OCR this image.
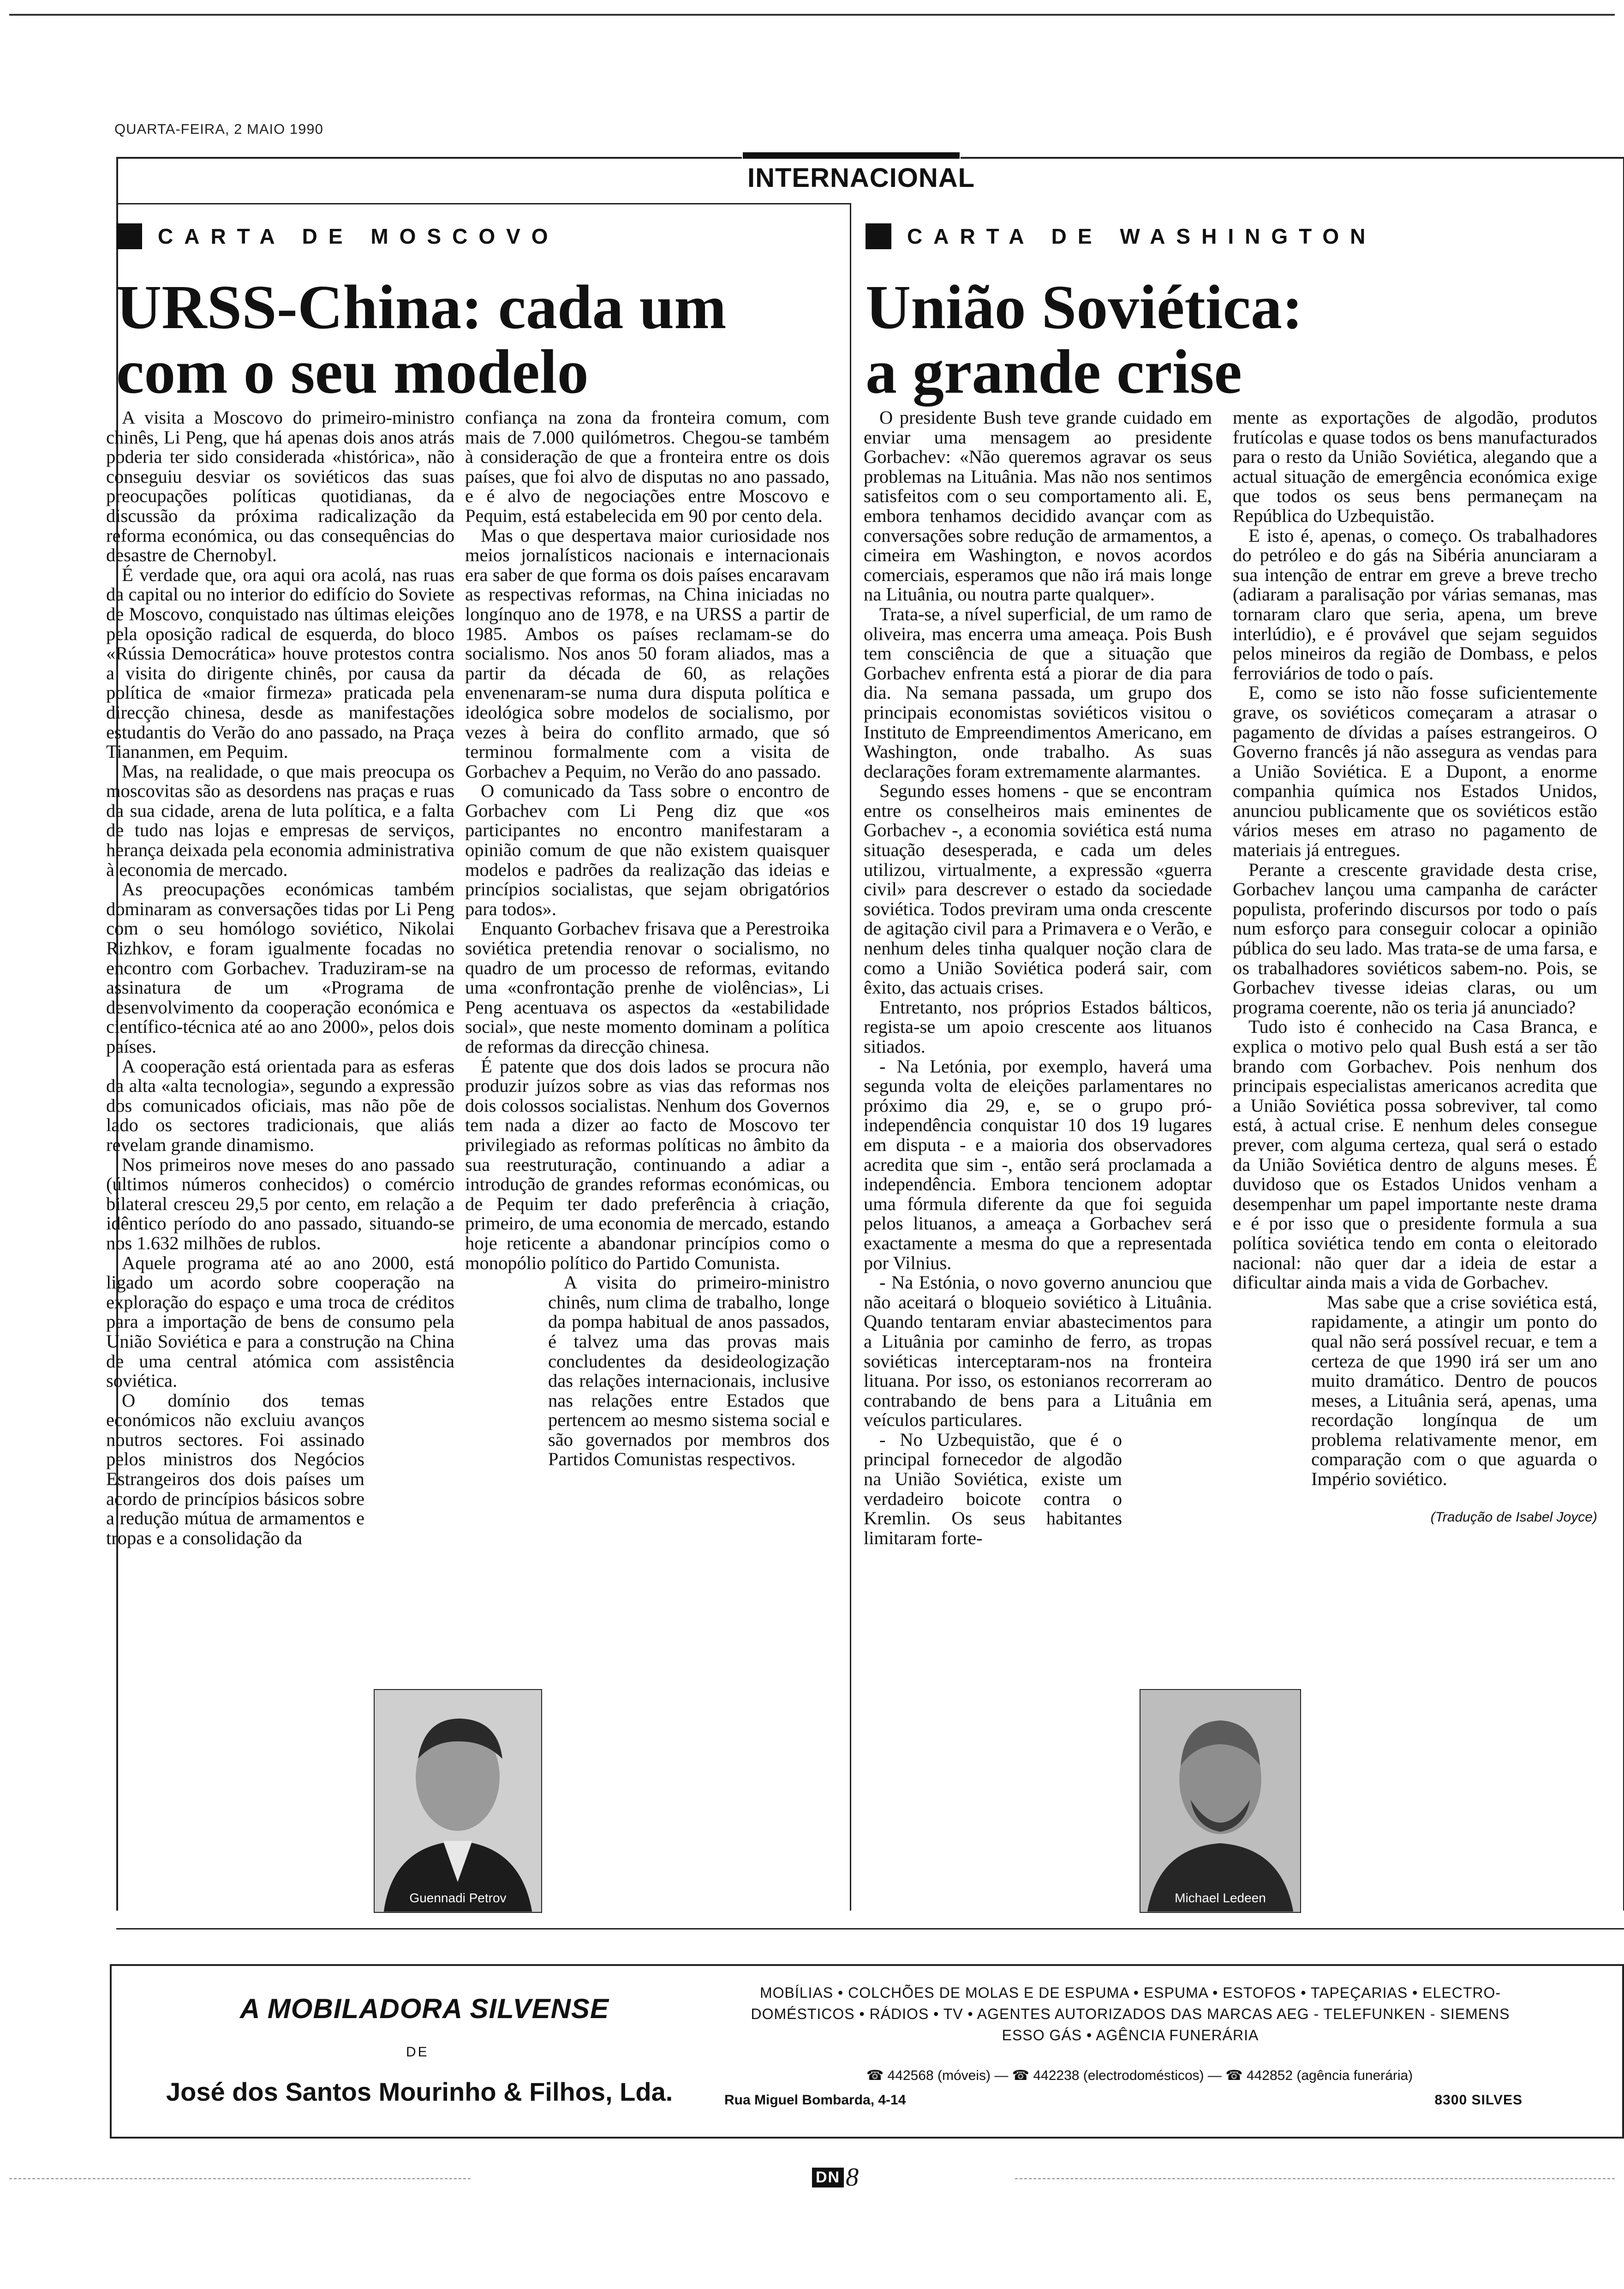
QUARTA-FEIRA, 2 MAIO 1990
INTERNACIONAL
CARTA DE MOSCOVO
URSS-China: cada um
com o seu modelo

A visita a Moscovo do primeiro-ministro chinês, Li Peng, que há apenas dois anos atrás poderia ter sido considerada «histórica», não conseguiu desviar os soviéticos das suas preocupações políticas quotidianas, da discussão da próxima radicalização da reforma económica, ou das consequências do desastre de Chernobyl.

É verdade que, ora aqui ora acolá, nas ruas da capital ou no interior do edifício do Soviete de Moscovo, conquistado nas últimas eleições pela oposição radical de esquerda, do bloco «Rússia Democrática» houve protestos contra a visita do dirigente chinês, por causa da política de «maior firmeza» praticada pela direcção chinesa, desde as manifestações estudantis do Verão do ano passado, na Praça Tiananmen, em Pequim.

Mas, na realidade, o que mais preocupa os moscovitas são as desordens nas praças e ruas da sua cidade, arena de luta política, e a falta de tudo nas lojas e empresas de serviços, herança deixada pela economia administrativa à economia de mercado.

As preocupações económicas também dominaram as conversações tidas por Li Peng com o seu homólogo soviético, Nikolai Rizhkov, e foram igualmente focadas no encontro com Gorbachev. Traduziram-se na assinatura de um «Programa de desenvolvimento da cooperação económica e científico-técnica até ao ano 2000», pelos dois países.

A cooperação está orientada para as esferas da alta «alta tecnologia», segundo a expressão dos comunicados oficiais, mas não põe de lado os sectores tradicionais, que aliás revelam grande dinamismo.

Nos primeiros nove meses do ano passado (últimos números conhecidos) o comércio bilateral cresceu 29,5 por cento, em relação a idêntico período do ano passado, situando-se nos 1.632 milhões de rublos.

Aquele programa até ao ano 2000, está ligado um acordo sobre cooperação na exploração do espaço e uma troca de créditos para a importação de bens de consumo pela União Soviética e para a construção na China de uma central atómica com assistência soviética.

O domínio dos temas económicos não excluiu avanços noutros sectores. Foi assinado pelos ministros dos Negócios Estrangeiros dos dois países um acordo de princípios básicos sobre a redução mútua de armamentos e tropas e a consolidação da

confiança na zona da fronteira comum, com mais de 7.000 quilómetros. Chegou-se também à consideração de que a fronteira entre os dois países, que foi alvo de disputas no ano passado, e é alvo de negociações entre Moscovo e Pequim, está estabelecida em 90 por cento dela.

Mas o que despertava maior curiosidade nos meios jornalísticos nacionais e internacionais era saber de que forma os dois países encaravam as respectivas reformas, na China iniciadas no longínquo ano de 1978, e na URSS a partir de 1985. Ambos os países reclamam-se do socialismo. Nos anos 50 foram aliados, mas a partir da década de 60, as relações envenenaram-se numa dura disputa política e ideológica sobre modelos de socialismo, por vezes à beira do conflito armado, que só terminou formalmente com a visita de Gorbachev a Pequim, no Verão do ano passado.

O comunicado da Tass sobre o encontro de Gorbachev com Li Peng diz que «os participantes no encontro manifestaram a opinião comum de que não existem quaisquer modelos e padrões da realização das ideias e princípios socialistas, que sejam obrigatórios para todos».

Enquanto Gorbachev frisava que a Perestroika soviética pretendia renovar o socialismo, no quadro de um processo de reformas, evitando uma «confrontação prenhe de violências», Li Peng acentuava os aspectos da «estabilidade social», que neste momento dominam a política de reformas da direcção chinesa.

É patente que dos dois lados se procura não produzir juízos sobre as vias das reformas nos dois colossos socialistas. Nenhum dos Governos tem nada a dizer ao facto de Moscovo ter privilegiado as reformas políticas no âmbito da sua reestruturação, continuando a adiar a introdução de grandes reformas económicas, ou de Pequim ter dado preferência à criação, primeiro, de uma economia de mercado, estando hoje reticente a abandonar princípios como o monopólio político do Partido Comunista.

A visita do primeiro-ministro chinês, num clima de trabalho, longe da pompa habitual de anos passados, é talvez uma das provas mais concludentes da desideologização das relações internacionais, inclusive nas relações entre Estados que pertencem ao mesmo sistema social e são governados por membros dos Partidos Comunistas respectivos.

Guennadi Petrov
CARTA DE WASHINGTON
União Soviética:
a grande crise

O presidente Bush teve grande cuidado em enviar uma mensagem ao presidente Gorbachev: «Não queremos agravar os seus problemas na Lituânia. Mas não nos sentimos satisfeitos com o seu comportamento ali. E, embora tenhamos decidido avançar com as conversações sobre redução de armamentos, a cimeira em Washington, e novos acordos comerciais, esperamos que não irá mais longe na Lituânia, ou noutra parte qualquer».

Trata-se, a nível superficial, de um ramo de oliveira, mas encerra uma ameaça. Pois Bush tem consciência de que a situação que Gorbachev enfrenta está a piorar de dia para dia. Na semana passada, um grupo dos principais economistas soviéticos visitou o Instituto de Empreendimentos Americano, em Washington, onde trabalho. As suas declarações foram extremamente alarmantes.

Segundo esses homens - que se encontram entre os conselheiros mais eminentes de Gorbachev -, a economia soviética está numa situação desesperada, e cada um deles utilizou, virtualmente, a expressão «guerra civil» para descrever o estado da sociedade soviética. Todos previram uma onda crescente de agitação civil para a Primavera e o Verão, e nenhum deles tinha qualquer noção clara de como a União Soviética poderá sair, com êxito, das actuais crises.

Entretanto, nos próprios Estados bálticos, regista-se um apoio crescente aos lituanos sitiados.

- Na Letónia, por exemplo, haverá uma segunda volta de eleições parlamentares no próximo dia 29, e, se o grupo pró-independência conquistar 10 dos 19 lugares em disputa - e a maioria dos observadores acredita que sim -, então será proclamada a independência. Embora tencionem adoptar uma fórmula diferente da que foi seguida pelos lituanos, a ameaça a Gorbachev será exactamente a mesma do que a representada por Vilnius.

- Na Estónia, o novo governo anunciou que não aceitará o bloqueio soviético à Lituânia. Quando tentaram enviar abastecimentos para a Lituânia por caminho de ferro, as tropas soviéticas interceptaram-nos na fronteira lituana. Por isso, os estonianos recorreram ao contrabando de bens para a Lituânia em veículos particulares.

- No Uzbequistão, que é o principal fornecedor de algodão na União Soviética, existe um verdadeiro boicote contra o Kremlin. Os seus habitantes limitaram forte-

mente as exportações de algodão, produtos frutícolas e quase todos os bens manufacturados para o resto da União Soviética, alegando que a actual situação de emergência económica exige que todos os seus bens permaneçam na República do Uzbequistão.

E isto é, apenas, o começo. Os trabalhadores do petróleo e do gás na Sibéria anunciaram a sua intenção de entrar em greve a breve trecho (adiaram a paralisação por várias semanas, mas tornaram claro que seria, apena, um breve interlúdio), e é provável que sejam seguidos pelos mineiros da região de Dombass, e pelos ferroviários de todo o país.

E, como se isto não fosse suficientemente grave, os soviéticos começaram a atrasar o pagamento de dívidas a países estrangeiros. O Governo francês já não assegura as vendas para a União Soviética. E a Dupont, a enorme companhia química nos Estados Unidos, anunciou publicamente que os soviéticos estão vários meses em atraso no pagamento de materiais já entregues.

Perante a crescente gravidade desta crise, Gorbachev lançou uma campanha de carácter populista, proferindo discursos por todo o país num esforço para conseguir colocar a opinião pública do seu lado. Mas trata-se de uma farsa, e os trabalhadores soviéticos sabem-no. Pois, se Gorbachev tivesse ideias claras, ou um programa coerente, não os teria já anunciado?

Tudo isto é conhecido na Casa Branca, e explica o motivo pelo qual Bush está a ser tão brando com Gorbachev. Pois nenhum dos principais especialistas americanos acredita que a União Soviética possa sobreviver, tal como está, à actual crise. E nenhum deles consegue prever, com alguma certeza, qual será o estado da União Soviética dentro de alguns meses. É duvidoso que os Estados Unidos venham a desempenhar um papel importante neste drama e é por isso que o presidente formula a sua política soviética tendo em conta o eleitorado nacional: não quer dar a ideia de estar a dificultar ainda mais a vida de Gorbachev.

Mas sabe que a crise soviética está, rapidamente, a atingir um ponto do qual não será possível recuar, e tem a certeza de que 1990 irá ser um ano muito dramático. Dentro de poucos meses, a Lituânia será, apenas, uma recordação longínqua de um problema relativamente menor, em comparação com o que aguarda o Império soviético.

(Tradução de Isabel Joyce)

Michael Ledeen
A MOBILADORA SILVENSE
DE
José dos Santos Mourinho & Filhos, Lda.
MOBÍLIAS • COLCHÕES DE MOLAS E DE ESPUMA • ESPUMA • ESTOFOS • TAPEÇARIAS • ELECTRO-
DOMÉSTICOS • RÁDIOS • TV • AGENTES AUTORIZADOS DAS MARCAS AEG - TELEFUNKEN - SIEMENS
ESSO GÁS • AGÊNCIA FUNERÁRIA
☎ 442568 (móveis) — ☎ 442238 (electrodomésticos) — ☎ 442852 (agência funerária)
Rua Miguel Bombarda, 4-14	8300 SILVES
DN 8
